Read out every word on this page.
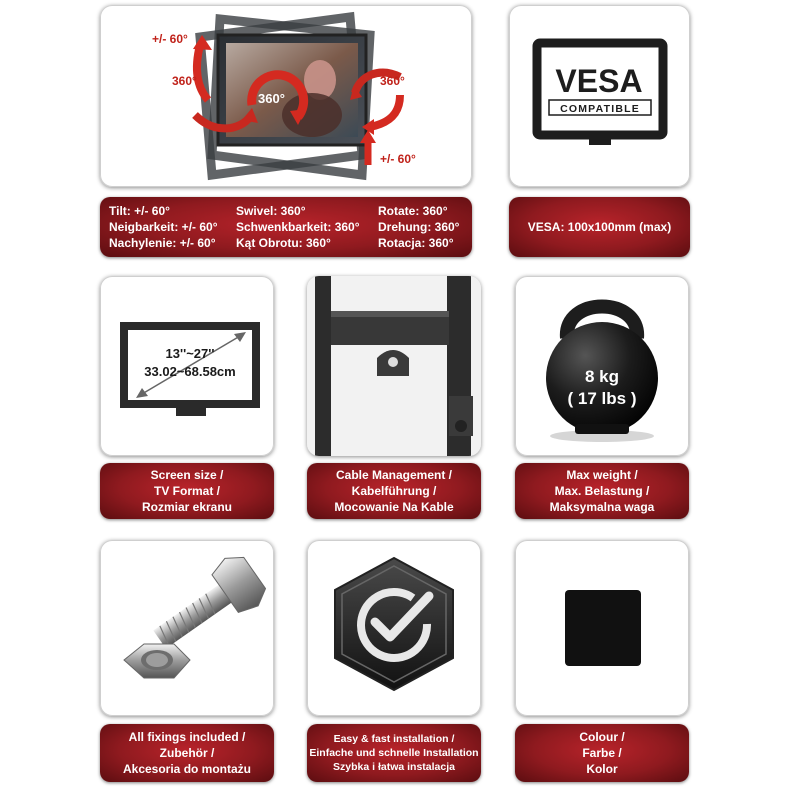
+/- 60°
360°	360°
360°
+/- 60°
VESA
COMPATIBLE
Tilt: +/- 60°
Neigbarkeit: +/- 60°
Nachylenie: +/- 60°
Swivel: 360°
Schwenkbarkeit: 360°
Kąt Obrotu: 360°
Rotate: 360°
Drehung: 360°
Rotacja: 360°
VESA: 100x100mm (max)
13''~27''
33.02~68.58cm	8 kg
( 17 lbs )
Screen size /
TV Format /
Rozmiar ekranu
Cable Management /
Kabelführung /
Mocowanie Na Kable
Max weight /
Max. Belastung /
Maksymalna waga
All fixings included /
Zubehör /
Akcesoria do montażu
Easy & fast installation /
Einfache und schnelle Installation
Szybka i łatwa instalacja
Colour /
Farbe /
Kolor
